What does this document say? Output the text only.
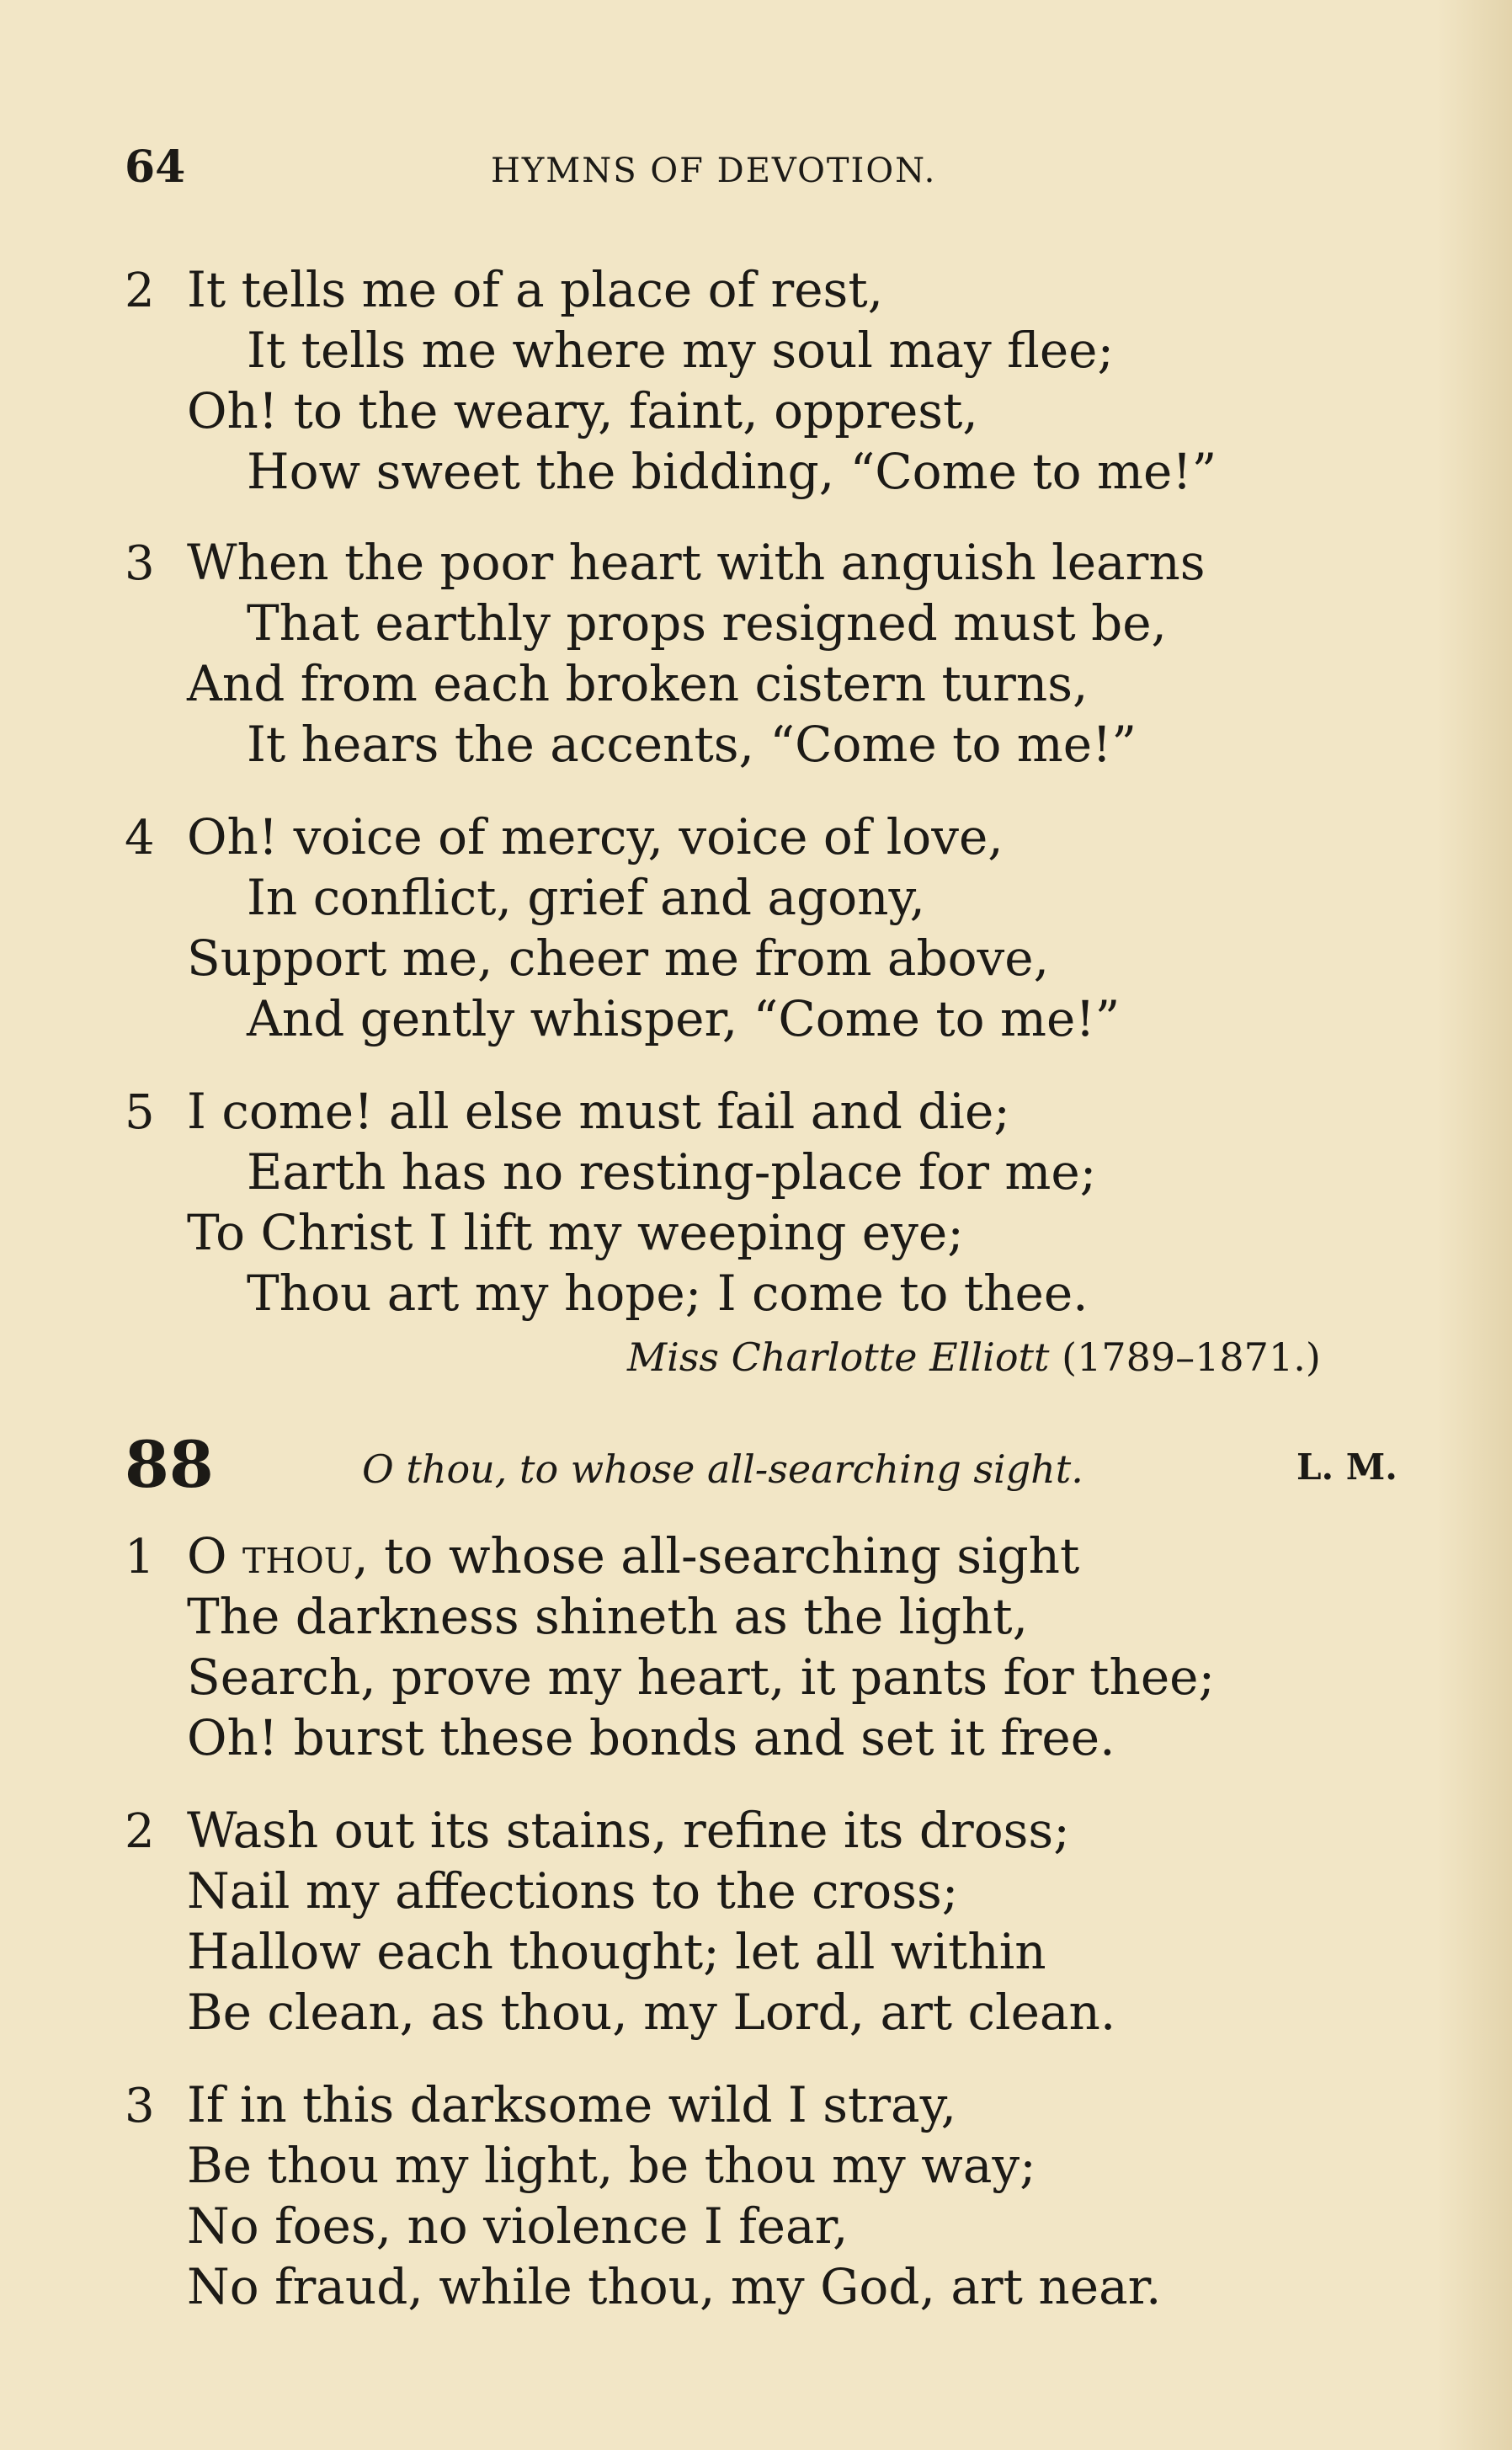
64	HYMNS OF DEVOTION.
2 It tells me of a place of rest,
It tells me where my soul may flee;
Oh! to the weary, faint, opprest,
How sweet the bidding, “Come to me!”
3 When the poor heart with anguish learns
That earthly props resigned must be,
And from each broken cistern turns,
It hears the accents, “Come to me!”
4 Oh! voice of mercy, voice of love,
In conflict, grief and agony,
Support me, cheer me from above,
And gently whisper, “Come to me!”
5 I come! all else must fail and die;
Earth has no resting-place for me;
To Christ I lift my weeping eye;
Thou art my hope; I come to thee.
Miss Charlotte Elliott (1789–1871.)
88	O thou, to whose all-searching sight.	L. M.
1 O thou, to whose all-searching sight
The darkness shineth as the light,
Search, prove my heart, it pants for thee;
Oh! burst these bonds and set it free.
2 Wash out its stains, refine its dross;
Nail my affections to the cross;
Hallow each thought; let all within
Be clean, as thou, my Lord, art clean.
3 If in this darksome wild I stray,
Be thou my light, be thou my way;
No foes, no violence I fear,
No fraud, while thou, my God, art near.
